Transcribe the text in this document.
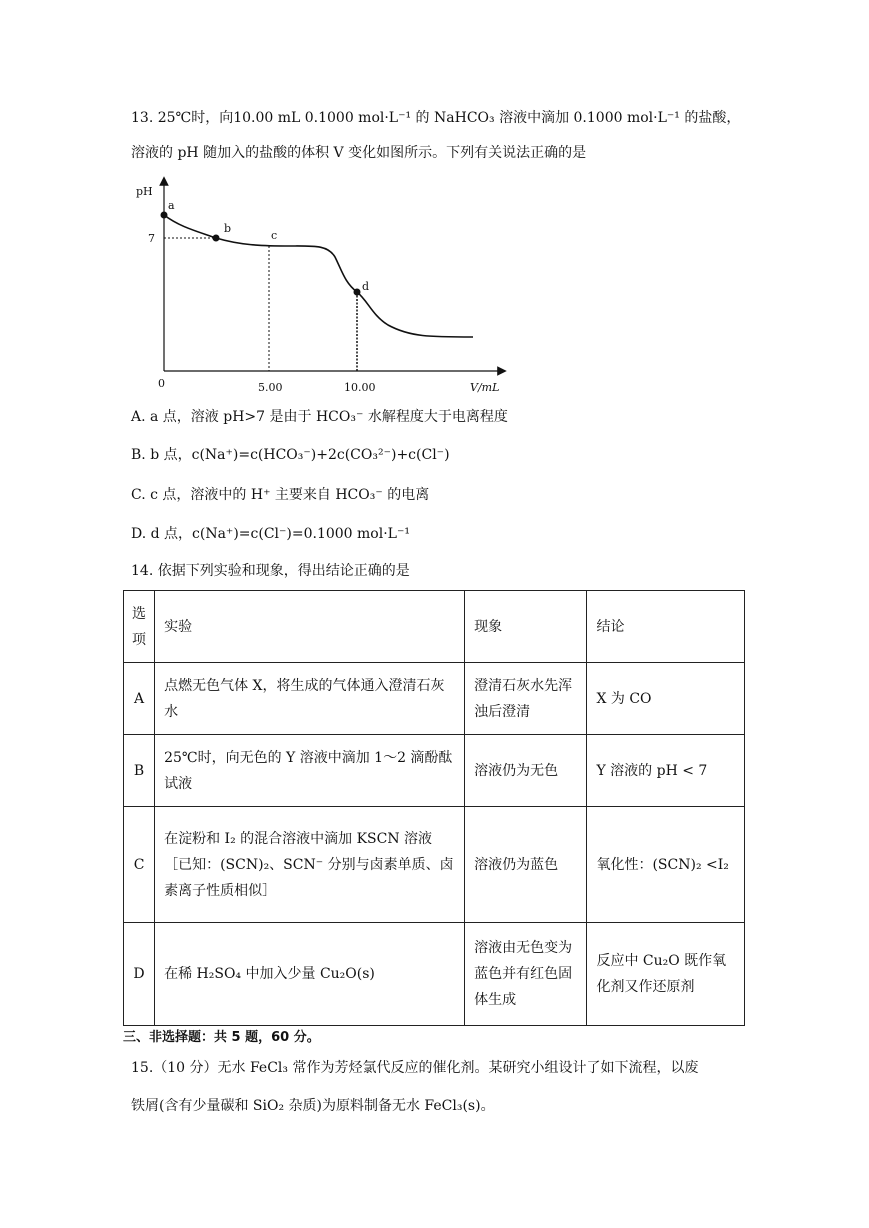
13. 25℃时，向10.00 mL 0.1000 mol·L⁻¹ 的 NaHCO₃ 溶液中滴加 0.1000 mol·L⁻¹ 的盐酸，
溶液的 pH 随加入的盐酸的体积 V 变化如图所示。下列有关说法正确的是
pH
V/mL
0	5.00	10.00
7
a
b
c
d
A. a 点，溶液 pH>7 是由于 HCO₃⁻ 水解程度大于电离程度
B. b 点，c(Na⁺)=c(HCO₃⁻)+2c(CO₃²⁻)+c(Cl⁻)
C. c 点，溶液中的 H⁺ 主要来自 HCO₃⁻ 的电离
D. d 点，c(Na⁺)=c(Cl⁻)=0.1000 mol·L⁻¹
14. 依据下列实验和现象，得出结论正确的是
选项	实验	现象	结论
A	点燃无色气体 X，将生成的气体通入澄清石灰水	澄清石灰水先浑浊后澄清	X 为 CO
B	25℃时，向无色的 Y 溶液中滴加 1～2 滴酚酞试液	溶液仍为无色	Y 溶液的 pH < 7
C	在淀粉和 I₂ 的混合溶液中滴加 KSCN 溶液［已知：(SCN)₂、SCN⁻ 分别与卤素单质、卤素离子性质相似］	溶液仍为蓝色	氧化性：(SCN)₂ <I₂
D	在稀 H₂SO₄ 中加入少量 Cu₂O(s)	溶液由无色变为蓝色并有红色固体生成	反应中 Cu₂O 既作氧化剂又作还原剂
三、非选择题：共 5 题，60 分。
15.（10 分）无水 FeCl₃ 常作为芳烃氯代反应的催化剂。某研究小组设计了如下流程，以废
铁屑(含有少量碳和 SiO₂ 杂质)为原料制备无水 FeCl₃(s)。
